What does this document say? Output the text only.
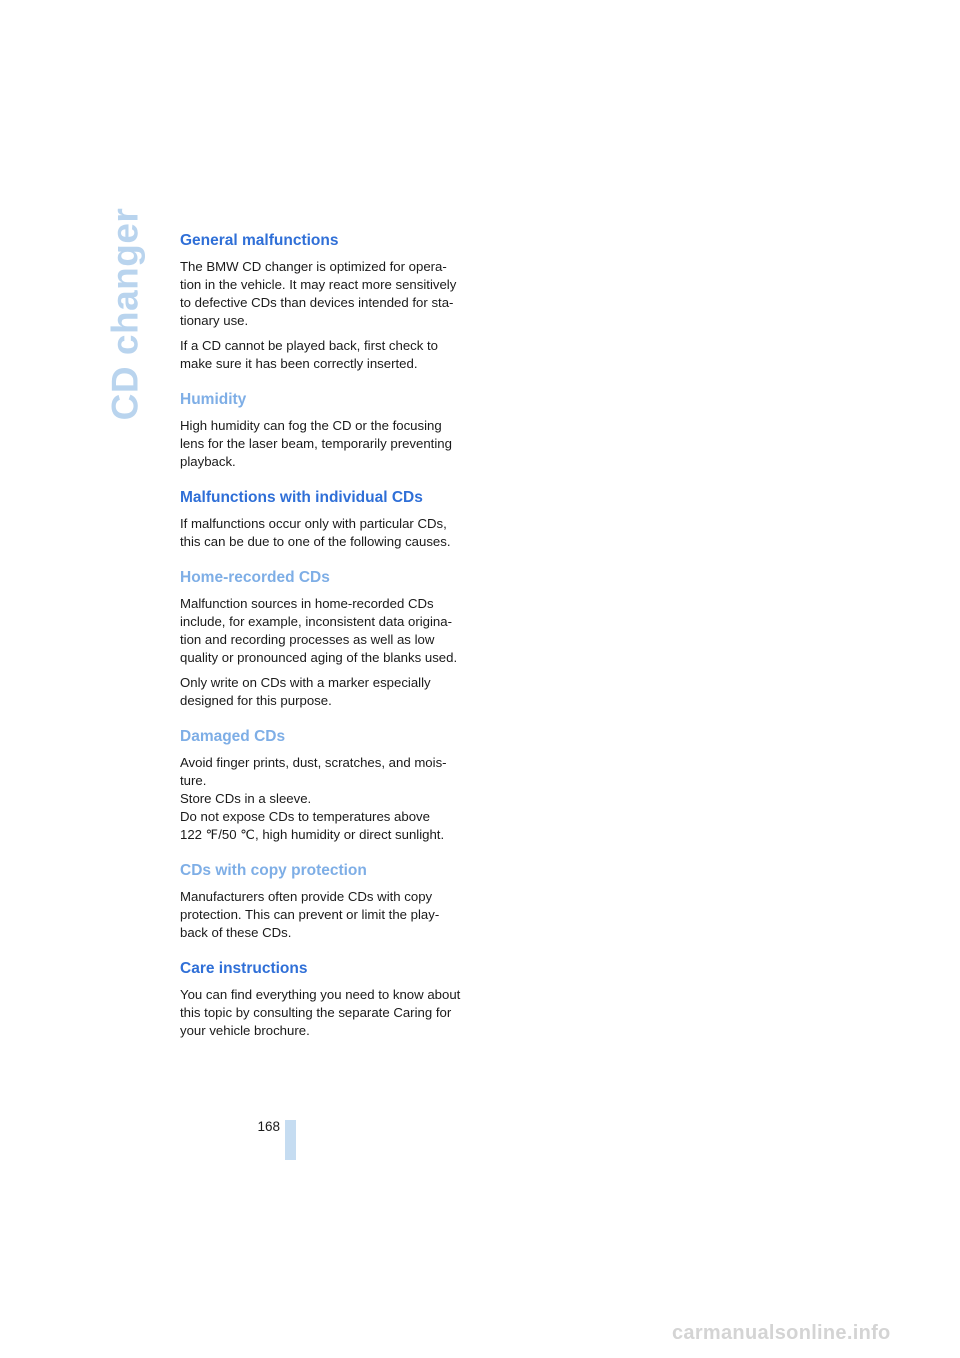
CD changer General malfunctions

The BMW CD changer is optimized for opera-
tion in the vehicle. It may react more sensitively
to defective CDs than devices intended for sta-
tionary use.

If a CD cannot be played back, first check to
make sure it has been correctly inserted.

Humidity

High humidity can fog the CD or the focusing
lens for the laser beam, temporarily preventing
playback.

Malfunctions with individual CDs

If malfunctions occur only with particular CDs,
this can be due to one of the following causes.

Home-recorded CDs

Malfunction sources in home-recorded CDs
include, for example, inconsistent data origina-
tion and recording processes as well as low
quality or pronounced aging of the blanks used.

Only write on CDs with a marker especially
designed for this purpose.

Damaged CDs

Avoid finger prints, dust, scratches, and mois-
ture.
Store CDs in a sleeve.
Do not expose CDs to temperatures above
122 ℉/50 ℃, high humidity or direct sunlight.

CDs with copy protection

Manufacturers often provide CDs with copy
protection. This can prevent or limit the play-
back of these CDs.

Care instructions

You can find everything you need to know about
this topic by consulting the separate Caring for
your vehicle brochure.

168
carmanualsonline.info
